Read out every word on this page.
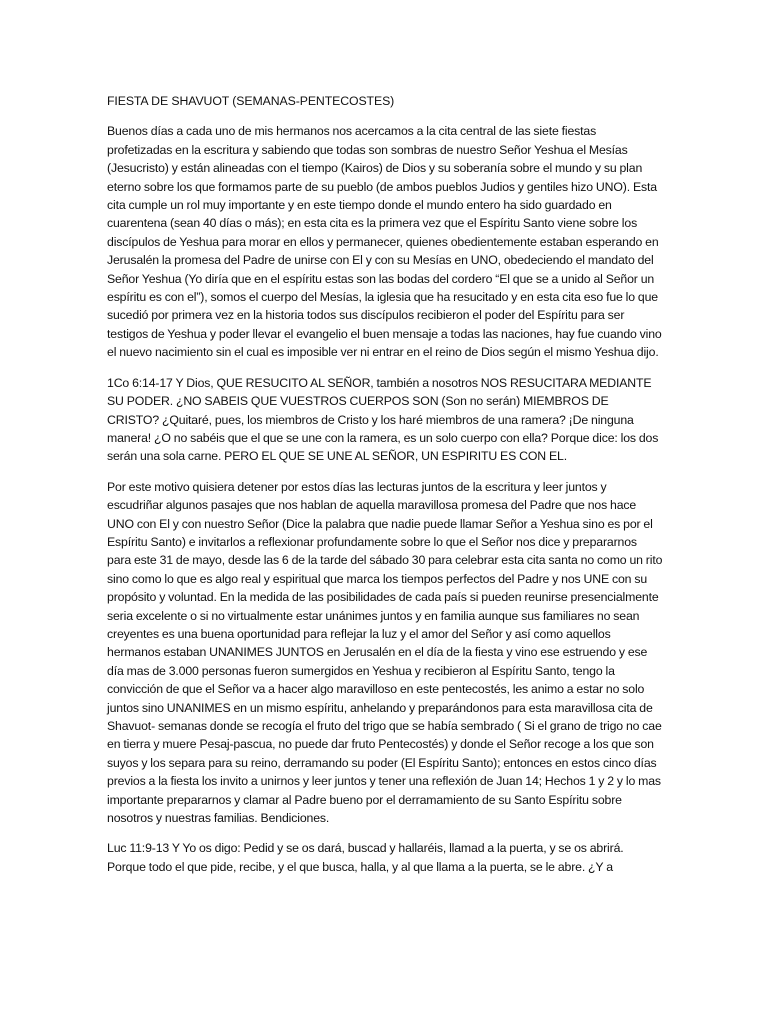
FIESTA DE SHAVUOT (SEMANAS-PENTECOSTES)

Buenos días a cada uno de mis hermanos nos acercamos a la cita central de las siete fiestas profetizadas en la escritura y sabiendo que todas son sombras de nuestro Señor Yeshua el Mesías (Jesucristo) y están alineadas con el tiempo (Kairos) de Dios y su soberanía sobre el mundo y su plan eterno sobre los que formamos parte de su pueblo (de ambos pueblos Judios y gentiles hizo UNO). Esta cita cumple un rol muy importante y en este tiempo donde el mundo entero ha sido guardado en cuarentena (sean 40 días o más); en esta cita es la primera vez que el Espíritu Santo viene sobre los discípulos de Yeshua para morar en ellos y permanecer, quienes obedientemente estaban esperando en Jerusalén la promesa del Padre de unirse con El y con su Mesías en UNO, obedeciendo el mandato del Señor Yeshua (Yo diría que en el espíritu estas son las bodas del cordero “El que se a unido al Señor un espíritu es con el”), somos el cuerpo del Mesías, la iglesia que ha resucitado y en esta cita eso fue lo que sucedió por primera vez en la historia todos sus discípulos recibieron el poder del Espíritu para ser testigos de Yeshua y poder llevar el evangelio el buen mensaje a todas las naciones, hay fue cuando vino el nuevo nacimiento sin el cual es imposible ver ni entrar en el reino de Dios según el mismo Yeshua dijo.

1Co 6:14-17 Y Dios, QUE RESUCITO AL SEÑOR, también a nosotros NOS RESUCITARA MEDIANTE SU PODER. ¿NO SABEIS QUE VUESTROS CUERPOS SON (Son no serán) MIEMBROS DE CRISTO? ¿Quitaré, pues, los miembros de Cristo y los haré miembros de una ramera? ¡De ninguna manera! ¿O no sabéis que el que se une con la ramera, es un solo cuerpo con ella? Porque dice: los dos serán una sola carne. PERO EL QUE SE UNE AL SEÑOR, UN ESPIRITU ES CON EL.

Por este motivo quisiera detener por estos días las lecturas juntos de la escritura y leer juntos y escudriñar algunos pasajes que nos hablan de aquella maravillosa promesa del Padre que nos hace UNO con El y con nuestro Señor (Dice la palabra que nadie puede llamar Señor a Yeshua sino es por el Espíritu Santo) e invitarlos a reflexionar profundamente sobre lo que el Señor nos dice y prepararnos para este 31 de mayo, desde las 6 de la tarde del sábado 30 para celebrar esta cita santa no como un rito sino como lo que es algo real y espiritual que marca los tiempos perfectos del Padre y nos UNE con su propósito y voluntad. En la medida de las posibilidades de cada país si pueden reunirse presencialmente seria excelente o si no virtualmente estar unánimes juntos y en familia aunque sus familiares no sean creyentes es una buena oportunidad para reflejar la luz y el amor del Señor y así como aquellos hermanos estaban UNANIMES JUNTOS en Jerusalén en el día de la fiesta y vino ese estruendo y ese día mas de 3.000 personas fueron sumergidos en Yeshua y recibieron al Espíritu Santo, tengo la convicción de que el Señor va a hacer algo maravilloso en este pentecostés, les animo a estar no solo juntos sino UNANIMES en un mismo espíritu, anhelando y preparándonos para esta maravillosa cita de Shavuot- semanas donde se recogía el fruto del trigo que se había sembrado ( Si el grano de trigo no cae en tierra y muere Pesaj-pascua, no puede dar fruto Pentecostés) y donde el Señor recoge a los que son suyos y los separa para su reino, derramando su poder (El Espíritu Santo); entonces en estos cinco días previos a la fiesta los invito a unirnos y leer juntos y tener una reflexión de Juan 14; Hechos 1 y 2 y lo mas importante prepararnos y clamar al Padre bueno por el derramamiento de su Santo Espíritu sobre nosotros y nuestras familias. Bendiciones.

Luc 11:9-13 Y Yo os digo: Pedid y se os dará, buscad y hallaréis, llamad a la puerta, y se os abrirá. Porque todo el que pide, recibe, y el que busca, halla, y al que llama a la puerta, se le abre. ¿Y a
